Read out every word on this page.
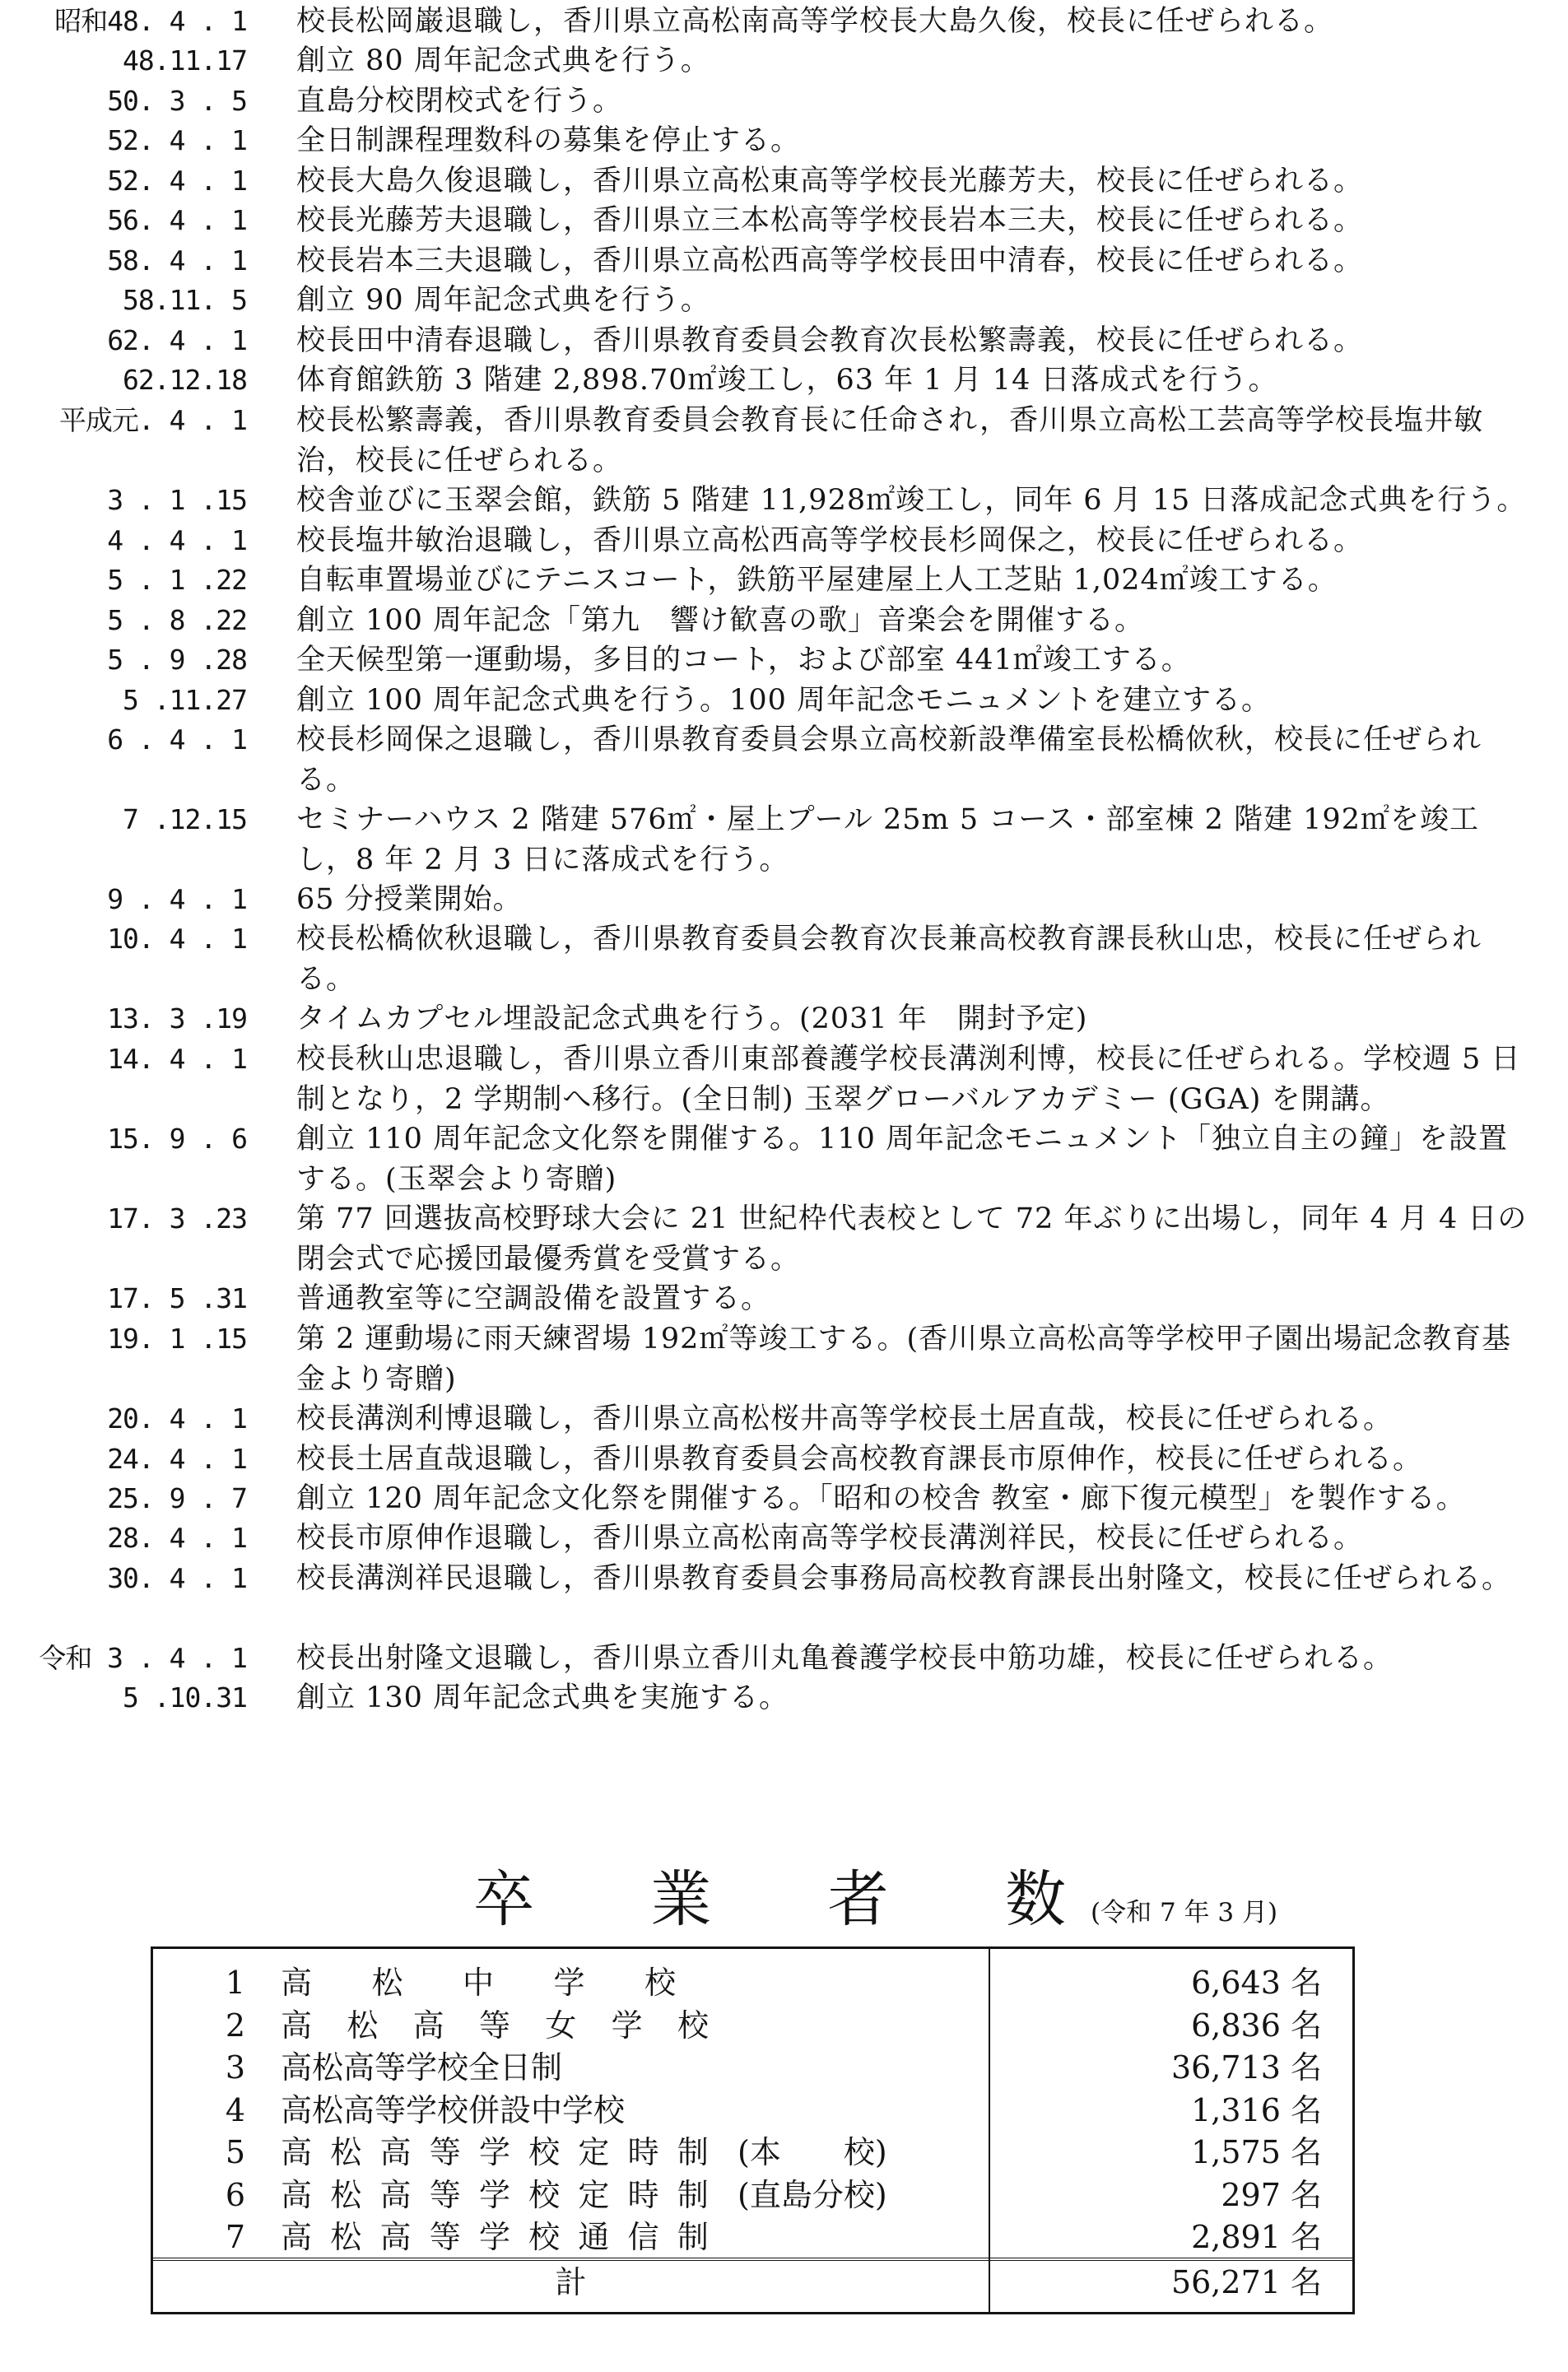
昭和48. 4 . 1 校長松岡巌退職し，香川県立高松南高等学校長大島久俊，校長に任ぜられる。
48.11.17 創立 80 周年記念式典を行う。
50. 3 . 5 直島分校閉校式を行う。
52. 4 . 1 全日制課程理数科の募集を停止する。
52. 4 . 1 校長大島久俊退職し，香川県立高松東高等学校長光藤芳夫，校長に任ぜられる。
56. 4 . 1 校長光藤芳夫退職し，香川県立三本松高等学校長岩本三夫，校長に任ぜられる。
58. 4 . 1 校長岩本三夫退職し，香川県立高松西高等学校長田中清春，校長に任ぜられる。
58.11. 5 創立 90 周年記念式典を行う。
62. 4 . 1 校長田中清春退職し，香川県教育委員会教育次長松繁壽義，校長に任ぜられる。
62.12.18 体育館鉄筋 3 階建 2,898.70㎡竣工し，63 年 1 月 14 日落成式を行う。
平成元. 4 . 1 校長松繁壽義，香川県教育委員会教育長に任命され，香川県立高松工芸高等学校長塩井敏治，校長に任ぜられる。
3 . 1 .15 校舎並びに玉翠会館，鉄筋 5 階建 11,928㎡竣工し，同年 6 月 15 日落成記念式典を行う。
4 . 4 . 1 校長塩井敏治退職し，香川県立高松西高等学校長杉岡保之，校長に任ぜられる。
5 . 1 .22 自転車置場並びにテニスコート，鉄筋平屋建屋上人工芝貼 1,024㎡竣工する。
5 . 8 .22 創立 100 周年記念「第九　響け歓喜の歌」音楽会を開催する。
5 . 9 .28 全天候型第一運動場，多目的コート，および部室 441㎡竣工する。
5 .11.27 創立 100 周年記念式典を行う。100 周年記念モニュメントを建立する。
6 . 4 . 1 校長杉岡保之退職し，香川県教育委員会県立高校新設準備室長松橋佽秋，校長に任ぜられる。
7 .12.15 セミナーハウス 2 階建 576㎡・屋上プール 25m 5 コース・部室棟 2 階建 192㎡を竣工し，8 年 2 月 3 日に落成式を行う。
9 . 4 . 1 65 分授業開始。
10. 4 . 1 校長松橋佽秋退職し，香川県教育委員会教育次長兼高校教育課長秋山忠，校長に任ぜられる。
13. 3 .19 タイムカプセル埋設記念式典を行う。(2031 年　開封予定)
14. 4 . 1 校長秋山忠退職し，香川県立香川東部養護学校長溝渕利博，校長に任ぜられる。学校週 5 日制となり，2 学期制へ移行。(全日制) 玉翠グローバルアカデミー (GGA) を開講。
15. 9 . 6 創立 110 周年記念文化祭を開催する。110 周年記念モニュメント「独立自主の鐘」を設置する。(玉翠会より寄贈)
17. 3 .23 第 77 回選抜高校野球大会に 21 世紀枠代表校として 72 年ぶりに出場し，同年 4 月 4 日の閉会式で応援団最優秀賞を受賞する。
17. 5 .31 普通教室等に空調設備を設置する。
19. 1 .15 第 2 運動場に雨天練習場 192㎡等竣工する。(香川県立高松高等学校甲子園出場記念教育基金より寄贈)
20. 4 . 1 校長溝渕利博退職し，香川県立高松桜井高等学校長土居直哉，校長に任ぜられる。
24. 4 . 1 校長土居直哉退職し，香川県教育委員会高校教育課長市原伸作，校長に任ぜられる。
25. 9 . 7 創立 120 周年記念文化祭を開催する。「昭和の校舎 教室・廊下復元模型」を製作する。
28. 4 . 1 校長市原伸作退職し，香川県立高松南高等学校長溝渕祥民，校長に任ぜられる。
30. 4 . 1 校長溝渕祥民退職し，香川県教育委員会事務局高校教育課長出射隆文，校長に任ぜられる。
令和 3 . 4 . 1 校長出射隆文退職し，香川県立香川丸亀養護学校長中筋功雄，校長に任ぜられる。
5 .10.31 創立 130 周年記念式典を実施する。
卒 業 者 数 (令和 7 年 3 月)
1 高 松 中 学 校	6,643 名
2 高 松 高 等 女 学 校	6,836 名
3 高松高等学校全日制	36,713 名
4 高松高等学校併設中学校	1,316 名
5 高 松 高 等 学 校 定 時 制 (本　　校)	1,575 名
6 高 松 高 等 学 校 定 時 制 (直島分校)	297 名
7 高 松 高 等 学 校 通 信 制	2,891 名
計	56,271 名
